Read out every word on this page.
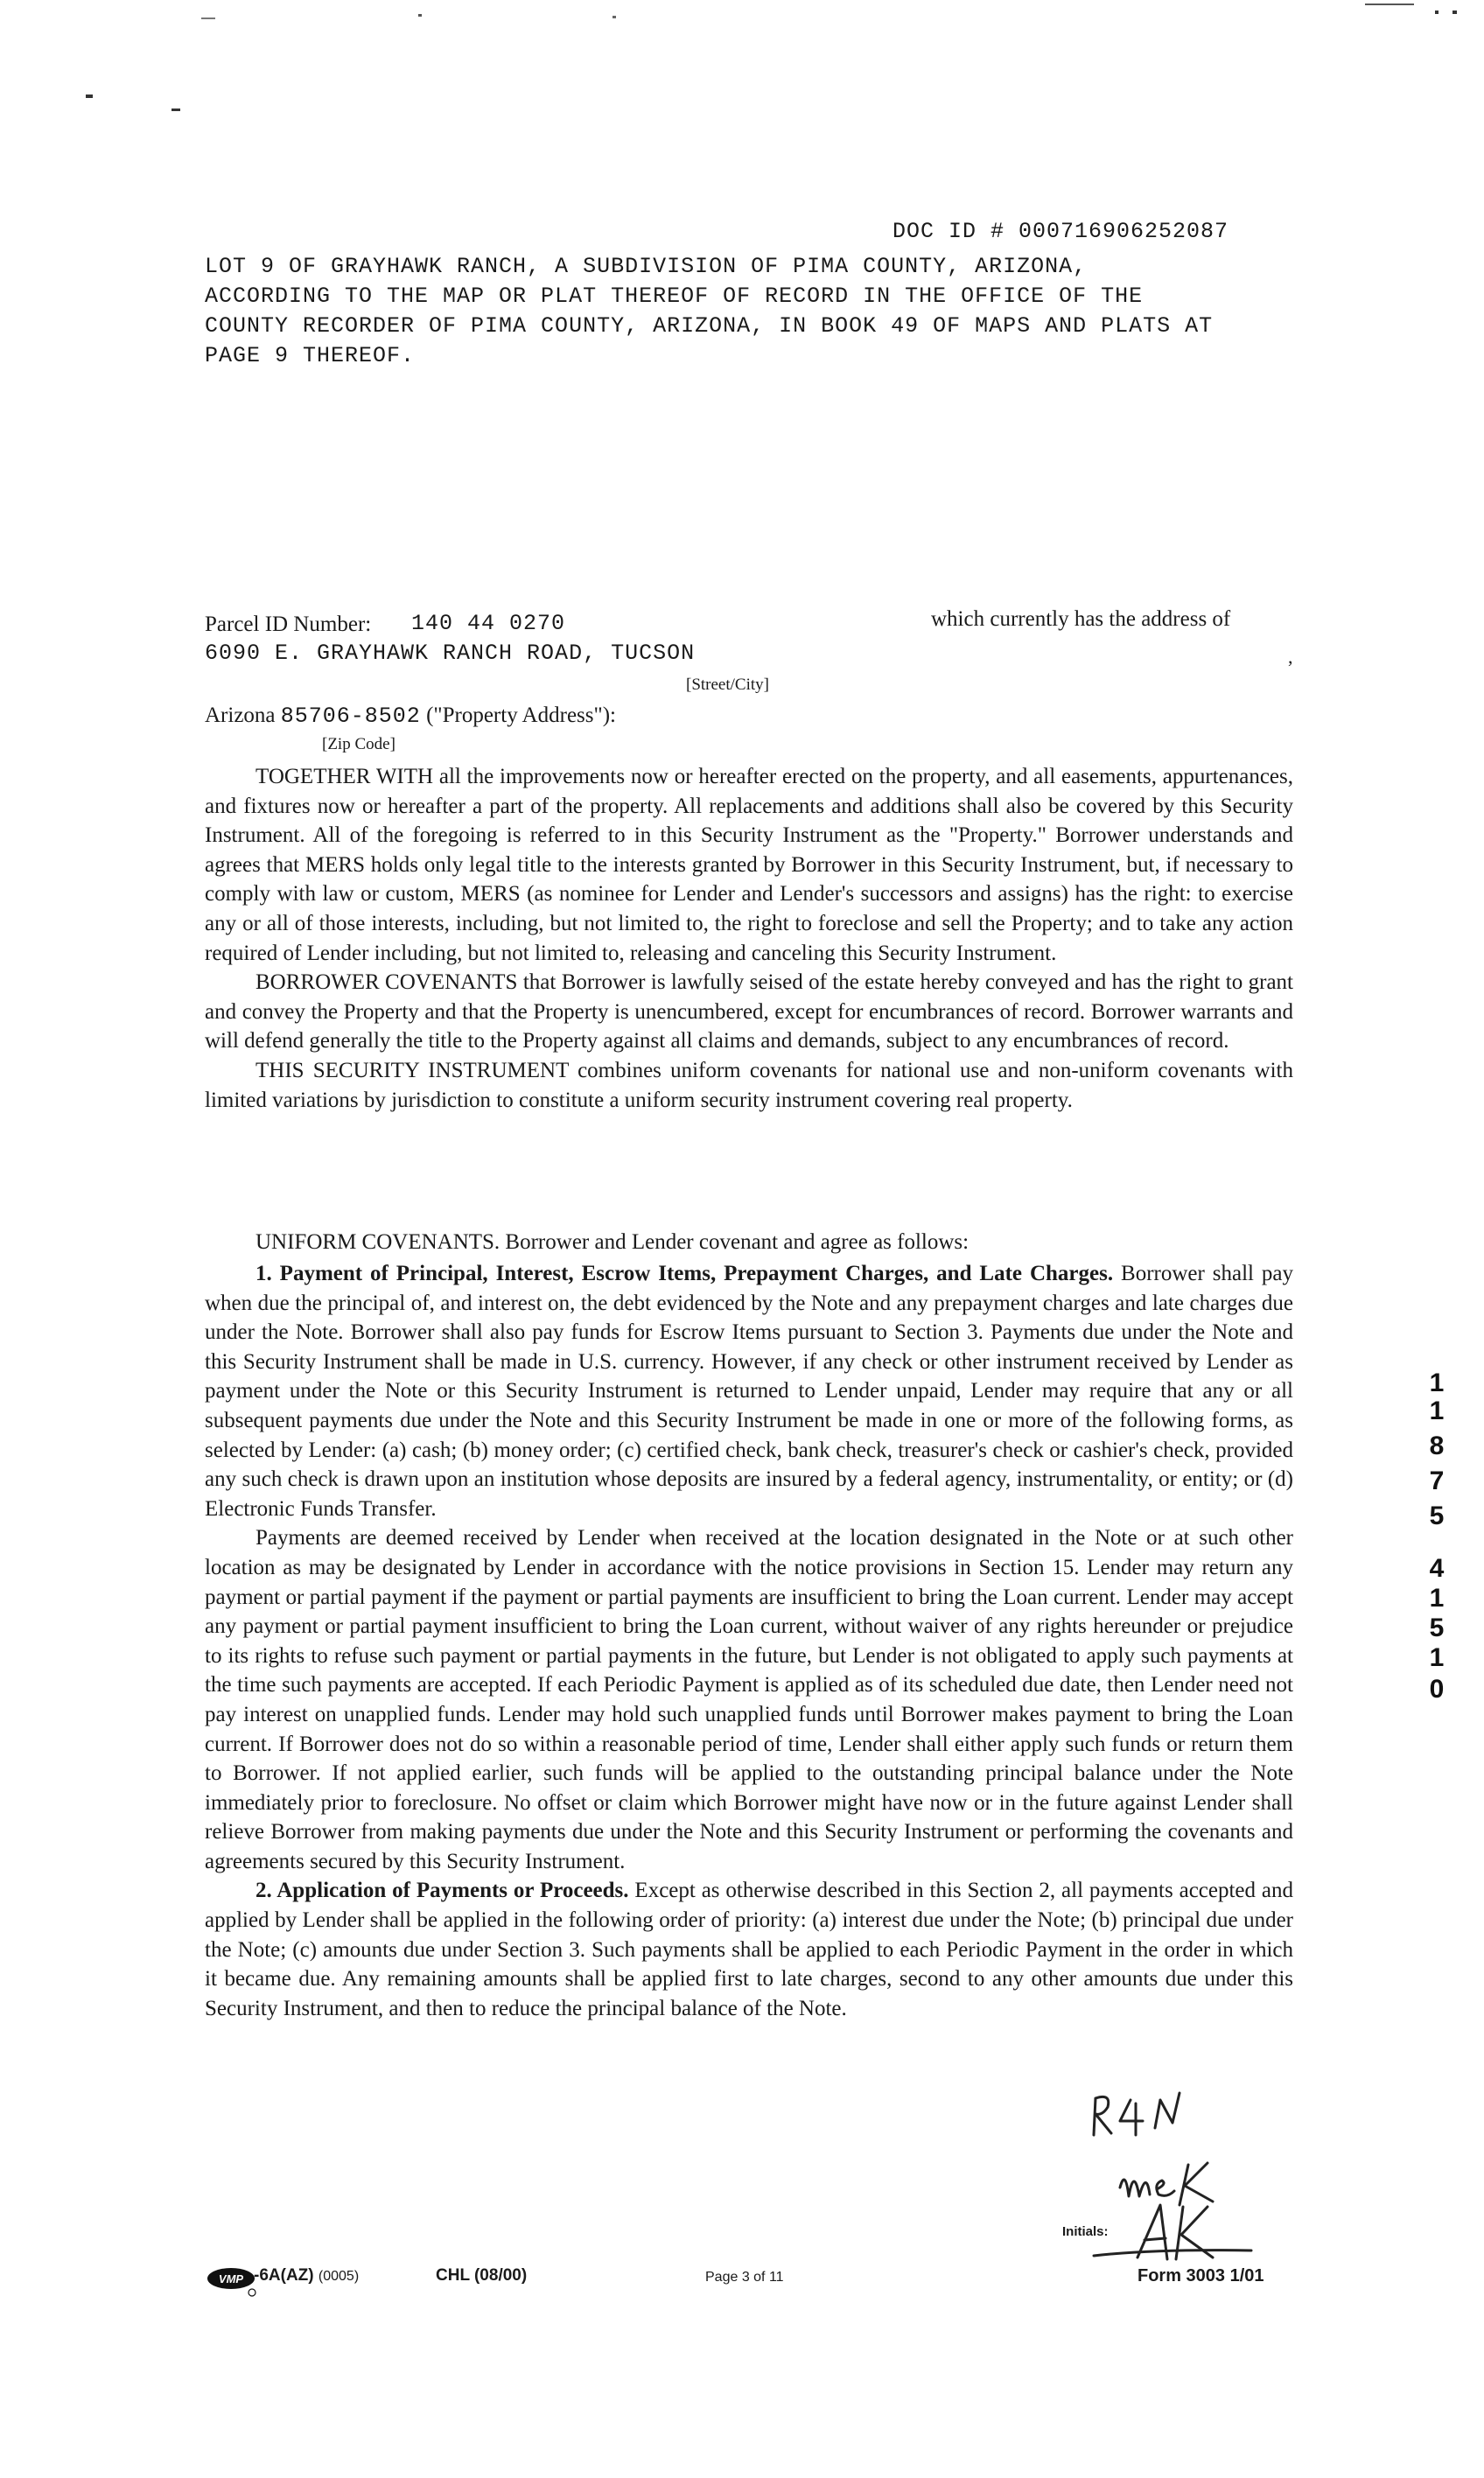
DOC ID # 000716906252087
LOT 9 OF GRAYHAWK RANCH, A SUBDIVISION OF PIMA COUNTY, ARIZONA,
ACCORDING TO THE MAP OR PLAT THEREOF OF RECORD IN THE OFFICE OF THE
COUNTY RECORDER OF PIMA COUNTY, ARIZONA, IN BOOK 49 OF MAPS AND PLATS AT
PAGE 9 THEREOF.
Parcel ID Number: 140 44 0270	which currently has the address of
6090 E. GRAYHAWK RANCH ROAD, TUCSON	,
[Street/City]
Arizona 85706-8502 ("Property Address"):
[Zip Code]

TOGETHER WITH all the improvements now or hereafter erected on the property, and all easements, appurtenances, and fixtures now or hereafter a part of the property. All replacements and additions shall also be covered by this Security Instrument. All of the foregoing is referred to in this Security Instrument as the "Property." Borrower understands and agrees that MERS holds only legal title to the interests granted by Borrower in this Security Instrument, but, if necessary to comply with law or custom, MERS (as nominee for Lender and Lender's successors and assigns) has the right: to exercise any or all of those interests, including, but not limited to, the right to foreclose and sell the Property; and to take any action required of Lender including, but not limited to, releasing and canceling this Security Instrument.

BORROWER COVENANTS that Borrower is lawfully seised of the estate hereby conveyed and has the right to grant and convey the Property and that the Property is unencumbered, except for encumbrances of record. Borrower warrants and will defend generally the title to the Property against all claims and demands, subject to any encumbrances of record.

THIS SECURITY INSTRUMENT combines uniform covenants for national use and non-uniform covenants with limited variations by jurisdiction to constitute a uniform security instrument covering real property.

UNIFORM COVENANTS. Borrower and Lender covenant and agree as follows:

1. Payment of Principal, Interest, Escrow Items, Prepayment Charges, and Late Charges. Borrower shall pay when due the principal of, and interest on, the debt evidenced by the Note and any prepayment charges and late charges due under the Note. Borrower shall also pay funds for Escrow Items pursuant to Section 3. Payments due under the Note and this Security Instrument shall be made in U.S. currency. However, if any check or other instrument received by Lender as payment under the Note or this Security Instrument is returned to Lender unpaid, Lender may require that any or all subsequent payments due under the Note and this Security Instrument be made in one or more of the following forms, as selected by Lender: (a) cash; (b) money order; (c) certified check, bank check, treasurer's check or cashier's check, provided any such check is drawn upon an institution whose deposits are insured by a federal agency, instrumentality, or entity; or (d) Electronic Funds Transfer.

Payments are deemed received by Lender when received at the location designated in the Note or at such other location as may be designated by Lender in accordance with the notice provisions in Section 15. Lender may return any payment or partial payment if the payment or partial payments are insufficient to bring the Loan current. Lender may accept any payment or partial payment insufficient to bring the Loan current, without waiver of any rights hereunder or prejudice to its rights to refuse such payment or partial payments in the future, but Lender is not obligated to apply such payments at the time such payments are accepted. If each Periodic Payment is applied as of its scheduled due date, then Lender need not pay interest on unapplied funds. Lender may hold such unapplied funds until Borrower makes payment to bring the Loan current. If Borrower does not do so within a reasonable period of time, Lender shall either apply such funds or return them to Borrower. If not applied earlier, such funds will be applied to the outstanding principal balance under the Note immediately prior to foreclosure. No offset or claim which Borrower might have now or in the future against Lender shall relieve Borrower from making payments due under the Note and this Security Instrument or performing the covenants and agreements secured by this Security Instrument.

2. Application of Payments or Proceeds. Except as otherwise described in this Section 2, all payments accepted and applied by Lender shall be applied in the following order of priority: (a) interest due under the Note; (b) principal due under the Note; (c) amounts due under Section 3. Such payments shall be applied to each Periodic Payment in the order in which it became due. Any remaining amounts shall be applied first to late charges, second to any other amounts due under this Security Instrument, and then to reduce the principal balance of the Note.

1
1
8
7
5
4
1
5
1
0
VMP -6A(AZ) (0005)	CHL (08/00)	Page 3 of 11
Initials:
Form 3003 1/01
